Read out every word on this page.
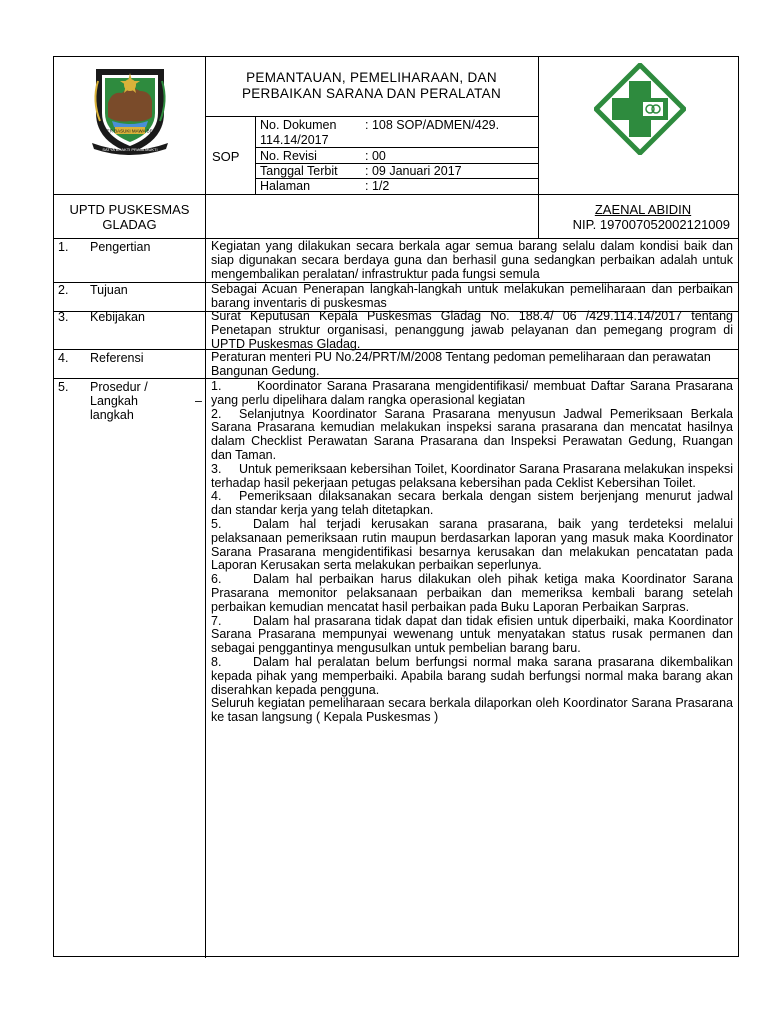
JER BASUKI MAWA BEA
SATYA BHAKTI PRAJA MUKTI
PEMANTAUAN, PEMELIHARAAN, DAN
PERBAIKAN SARANA DAN PERALATAN
SOP
No. Dokumen : 108 SOP/ADMEN/429.
114.14/2017
No. Revisi	: 00
Tanggal Terbit : 09 Januari 2017
Halaman	: 1/2
UPTD PUSKESMAS
GLADAG
ZAENAL ABIDIN
NIP. 197007052002121009
1. Pengertian	Kegiatan yang dilakukan secara berkala agar semua barang selalu dalam kondisi baik dan siap digunakan secara berdaya guna dan berhasil guna sedangkan perbaikan adalah untuk mengembalikan peralatan/ infrastruktur pada fungsi semula
2. Tujuan	Sebagai Acuan Penerapan langkah-langkah untuk melakukan pemeliharaan dan perbaikan barang inventaris di puskesmas
3. Kebijakan	Surat Keputusan Kepala Puskesmas Gladag No. 188.4/ 06 /429.114.14/2017 tentang Penetapan struktur organisasi, penanggung jawab pelayanan dan pemegang program di UPTD Puskesmas Gladag.
4. Referensi	Peraturan menteri PU No.24/PRT/M/2008 Tentang pedoman pemeliharaan dan perawatan Bangunan Gedung.
5. Prosedur /
Langkah	–
langkah
1.	Koordinator Sarana Prasarana mengidentifikasi/ membuat Daftar Sarana Prasarana yang perlu dipelihara dalam rangka operasional kegiatan
2. Selanjutnya Koordinator Sarana Prasarana menyusun Jadwal Pemeriksaan Berkala Sarana Prasarana kemudian melakukan inspeksi sarana prasarana dan mencatat hasilnya dalam Checklist Perawatan Sarana Prasarana dan Inspeksi Perawatan Gedung, Ruangan dan Taman.
3. Untuk pemeriksaan kebersihan Toilet, Koordinator Sarana Prasarana melakukan inspeksi terhadap hasil pekerjaan petugas pelaksana kebersihan pada Ceklist Kebersihan Toilet.
4. Pemeriksaan dilaksanakan secara berkala dengan sistem berjenjang menurut jadwal dan standar kerja yang telah ditetapkan.
5.	Dalam hal terjadi kerusakan sarana prasarana, baik yang terdeteksi melalui pelaksanaan pemeriksaan rutin maupun berdasarkan laporan yang masuk maka Koordinator Sarana Prasarana mengidentifikasi besarnya kerusakan dan melakukan pencatatan pada Laporan Kerusakan serta melakukan perbaikan seperlunya.
6.	Dalam hal perbaikan harus dilakukan oleh pihak ketiga maka Koordinator Sarana Prasarana memonitor pelaksanaan perbaikan dan memeriksa kembali barang setelah perbaikan kemudian mencatat hasil perbaikan pada Buku Laporan Perbaikan Sarpras.
7.	Dalam hal prasarana tidak dapat dan tidak efisien untuk diperbaiki, maka Koordinator Sarana Prasarana mempunyai wewenang untuk menyatakan status rusak permanen dan sebagai penggantinya mengusulkan untuk pembelian barang baru.
8.	Dalam hal peralatan belum berfungsi normal maka sarana prasarana dikembalikan kepada pihak yang memperbaiki. Apabila barang sudah berfungsi normal maka barang akan diserahkan kepada pengguna.
Seluruh kegiatan pemeliharaan secara berkala dilaporkan oleh Koordinator Sarana Prasarana ke tasan langsung ( Kepala Puskesmas )
